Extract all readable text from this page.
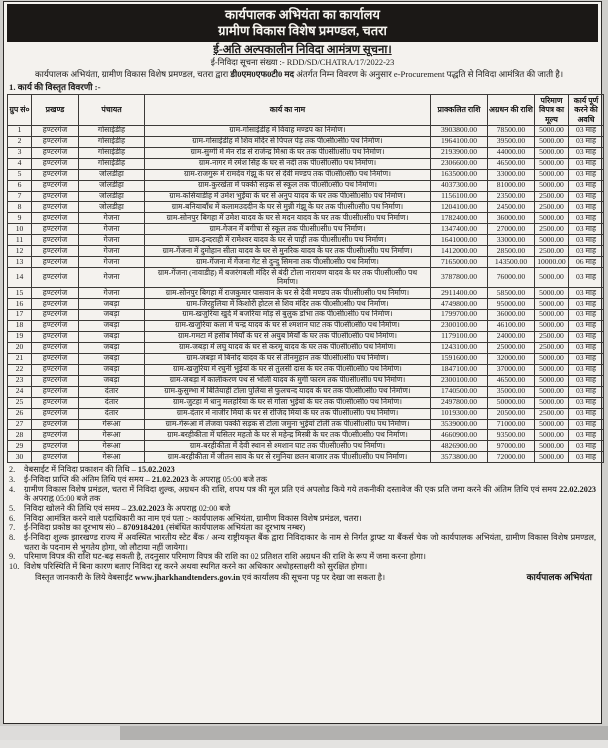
कार्यपालक अभियंता का कार्यालय
ग्रामीण विकास विशेष प्रमण्डल, चतरा
ई-अति अल्पकालीन निविदा आमंत्रण सूचना।
ई-निविदा सूचना संख्या :- RDD/SD/CHATRA/17/2022-23
कार्यपालक अभियंता, ग्रामीण विकास विशेष प्रमण्डल, चतरा द्वारा डी0एम0एफ0टी0 मद अंतर्गत निम्न विवरण के अनुसार e-Procurement पद्धति से निविदा आमंत्रित की जाती है।
1. कार्य की विस्तृत विवरणी :-
ग्रुप सं०	प्रखण्ड	पंचायत	कार्य का नाम	प्राक्कलित राशि	अग्रधन की राशि	परिमाण विपत्र का मूल्य	कार्य पूर्ण करने की अवधि
1	हण्टरगंज	गोसाईडीह	ग्राम-गोसाईडीह में विवाह मण्डप का निर्माण।	3903800.00	78500.00	5000.00	03 माह
2	हण्टरगंज	गोसाईडीह	ग्राम-गोसाईडीह में शिव मंदिर से पिपल पेड़ तक पी0सी0सी0 पथ निर्माण।	1964100.00	39500.00	5000.00	03 माह
3	हण्टरगंज	गोसाईडीह	ग्राम-सुग्गी में मेन रोड से राजेन्द्र मिश्रा के घर तक पी0सी0सी0 पथ निर्माण।	2193900.00	44000.00	5000.00	03 माह
4	हण्टरगंज	गोसाईडीह	ग्राम-नागर में रमेश सिंह के घर से नदी तक पी0सी0सी0 पथ निर्माण।	2306600.00	46500.00	5000.00	03 माह
5	हण्टरगंज	जोलडीहा	ग्राम-राजगुरू में रामदेव गंझू के घर से देवी मण्डप तक पी0सी0सी0 पथ निर्माण।	1635000.00	33000.00	5000.00	03 माह
6	हण्टरगंज	जोलडीहा	ग्राम-कुरखेता में पक्की सड़क से स्कूल तक पी0सी0सी0 पथ निर्माण।	4037300.00	81000.00	5000.00	03 माह
7	हण्टरगंज	जोलडीहा	ग्राम-कसियाडीह में उमेश भुईंया के घर से अनुप यादव के घर तक पी0सी0सी0 पथ निर्माण।	1156100.00	23500.00	2500.00	03 माह
8	हण्टरगंज	जोलडीहा	ग्राम-बनियाबाँध में कलामउददीन के घर से मुन्नी गंझू के घर तक पी0सी0सी0 पथ निर्माण।	1204100.00	24500.00	2500.00	03 माह
9	हण्टरगंज	गेजना	ग्राम-सोनपुर बिगहा में उमेश यादव के घर से मदन यादव के घर तक पी0सी0सी0 पथ निर्माण।	1782400.00	36000.00	5000.00	03 माह
10	हण्टरगंज	गेजना	ग्राम-गेजन में बगीचा से स्कूल तक पी0सी0सी0 पथ निर्माण।	1347400.00	27000.00	2500.00	03 माह
11	हण्टरगंज	गेजना	ग्राम-इन्दराही में रामेश्वर यादव के घर से पाही तक पी0सी0सी0 पथ निर्माण।	1641000.00	33000.00	5000.00	03 माह
12	हण्टरगंज	गेजना	ग्राम-गेंजना में दुमोहान सीता यादव के घर से मुनरिक यादव के घर तक पी0सी0सी0 पथ निर्माण।	1412000.00	28500.00	2500.00	03 माह
13	हण्टरगंज	गेजना	ग्राम-गेंजना में गेंजना गेट से दुन्दु सिमना तक पी0सी0सी0 पथ निर्माण।	7165000.00	143500.00	10000.00	06 माह
14	हण्टरगंज	गेजना	ग्राम-गेंजना (नावाडीह) में बजरंगबली मंदिर से बंदी टोला नारायण यादव के घर तक पी0सी0सी0 पथ निर्माण।	3787800.00	76000.00	5000.00	03 माह
15	हण्टरगंज	गेजना	ग्राम-सोनपुर बिगहा में राजकुमार पासवान के घर से देवी मण्डप तक पी0सी0सी0 पथ निर्माण।	2911400.00	58500.00	5000.00	03 माह
16	हण्टरगंज	जबड़ा	ग्राम-जिरहुलिया में किशोरी होटल से शिव मंदिर तक पी0सी0सी0 पथ निर्माण।	4749800.00	95000.00	5000.00	03 माह
17	हण्टरगंज	जबड़ा	ग्राम-खजुरिया खुर्द में बजरिया मोड़ से बुलुक डोभा तक पी0सी0सी0 पथ निर्माण।	1799700.00	36000.00	5000.00	03 माह
18	हण्टरगंज	जबड़ा	ग्राम-खजुरिया कला में चन्द्र यादव के घर से श्मशान घाट तक पी0सी0सी0 पथ निर्माण।	2300100.00	46100.00	5000.00	03 माह
19	हण्टरगंज	जबड़ा	ग्राम-गमटा में हसीब मियाँ के घर से अयुब मियाँ के घर तक पी0सी0सी0 पथ निर्माण।	1179100.00	24000.00	2500.00	03 माह
20	हण्टरगंज	जबड़ा	ग्राम-जबड़ा में लघु यादव के घर से करमू यादव के घर तक पी0सी0सी0 पथ निर्माण।	1243100.00	25000.00	2500.00	03 माह
21	हण्टरगंज	जबड़ा	ग्राम-जबड़ा में बिनोद यादव के घर से तीनमुहान तक पी0सी0सी0 पथ निर्माण।	1591600.00	32000.00	5000.00	03 माह
22	हण्टरगंज	जबड़ा	ग्राम-खजुरिया में रघुनी भुईयां के घर से तुलसी दास के घर तक पी0सी0सी0 पथ निर्माण।	1847100.00	37000.00	5000.00	03 माह
23	हण्टरगंज	जबड़ा	ग्राम-जबड़ा में कालीकरण पथ से भोली यादव के मुर्गी फारम तक पी0सी0सी0 पथ निर्माण।	2300100.00	46500.00	5000.00	03 माह
24	हण्टरगंज	दंतार	ग्राम-कुसुम्भा में बितियाही टोला पुलिया से फुलचन्द यादव के घर तक पी0सी0सी0 पथ निर्माण।	1740500.00	35000.00	5000.00	03 माह
25	हण्टरगंज	दंतार	ग्राम-जुटहा में धानु मलहरिया के घर से गोला भुईयां के घर तक पी0सी0सी0 पथ निर्माण।	2497800.00	50000.00	5000.00	03 माह
26	हण्टरगंज	दंतार	ग्राम-दंतार में नाजीर मियां के घर से रोजिद मियां के घर तक पी0सी0सी0 पथ निर्माण।	1019300.00	20500.00	2500.00	03 माह
27	हण्टरगंज	गेरूआ	ग्राम-गेरूआ में लेंजवा पक्की सड़क से टोला जमुना भुईयां टोली तक पी0सी0सी0 पथ निर्माण।	3539000.00	71000.00	5000.00	03 माह
28	हण्टरगंज	गेरूआ	ग्राम-बरहीकीता में घसितर महतो के घर से महेन्द्र मिस्त्री के घर तक पी0सी0सी0 पथ निर्माण।	4660900.00	93500.00	5000.00	03 माह
29	हण्टरगंज	गेरूआ	ग्राम-बरहीकीता में देवी स्थान से श्मशान घाट तक पी0सी0सी0 पथ निर्माण।	4826900.00	97000.00	5000.00	03 माह
30	हण्टरगंज	गेरूआ	ग्राम-बरहीकीता में जीतन साव के घर से रमुनिया छतन बाजार तक पी0सी0सी0 पथ निर्माण।	3573800.00	72000.00	5000.00	03 माह
2.	वेबसाईट में निविदा प्रकाशन की तिथि – 15.02.2023
3.	ई-निविदा प्राप्ति की अंतिम तिथि एवं समय – 21.02.2023 के अपराह्न 05:00 बजे तक
4.	ग्रामीण विकास विशेष प्रमंडल, चतरा में निविदा शुल्क, अग्रधन की राशि, शपथ पत्र की मूल प्रति एवं अपलोड किये गये तकनीकी दस्तावेज की एक प्रति जमा करने की अंतिम तिथि एवं समय 22.02.2023 के अपराह्न 05:00 बजे तक
5.	निविदा खोलने की तिथि एवं समय – 23.02.2023 के अपराह्न 02:00 बजे
6.	निविदा आमंत्रित करने वाले पदाधिकारी का नाम एवं पता :- कार्यपालक अभियंता, ग्रामीण विकास विशेष प्रमंडल, चतरा।
7.	ई-निविदा प्रकोष्ठ का दूरभाष सं0 – 8709184201 (संबंधित कार्यपालक अभियंता का दूरभाष नम्बर)
8.	ई-निविदा शुल्क झारखण्ड राज्य में अवस्थित भारतीय स्टेट बैंक / अन्य राष्ट्रीयकृत बैंक द्वारा निविदाकार के नाम से निर्गत ड्राफ्ट या बैंकर्स चेक जो कार्यपालक अभियंता, ग्रामीण विकास विशेष प्रमण्डल, चतरा के पदनाम से भुगतेय होगा, जो लौटाया नहीं जायेगा।
9.	परिमाण विपत्र की राशि घट-बढ़ सकती है, तदनुसार परिमाण विपत्र की राशि का 02 प्रतिशत राशि अग्रधन की राशि के रूप में जमा करना होगा।
10. विशेष परिस्थिति में बिना कारण बताए निविदा रद्द करने अथवा स्थगित करने का अधिकार अधोहस्ताक्षरी को सुरक्षित होगा।
विस्तृत जानकारी के लिये वेबसाईट www.jharkhandtenders.gov.in एवं कार्यालय की सूचना पट्ट पर देखा जा सकता है।	कार्यपालक अभियंता
